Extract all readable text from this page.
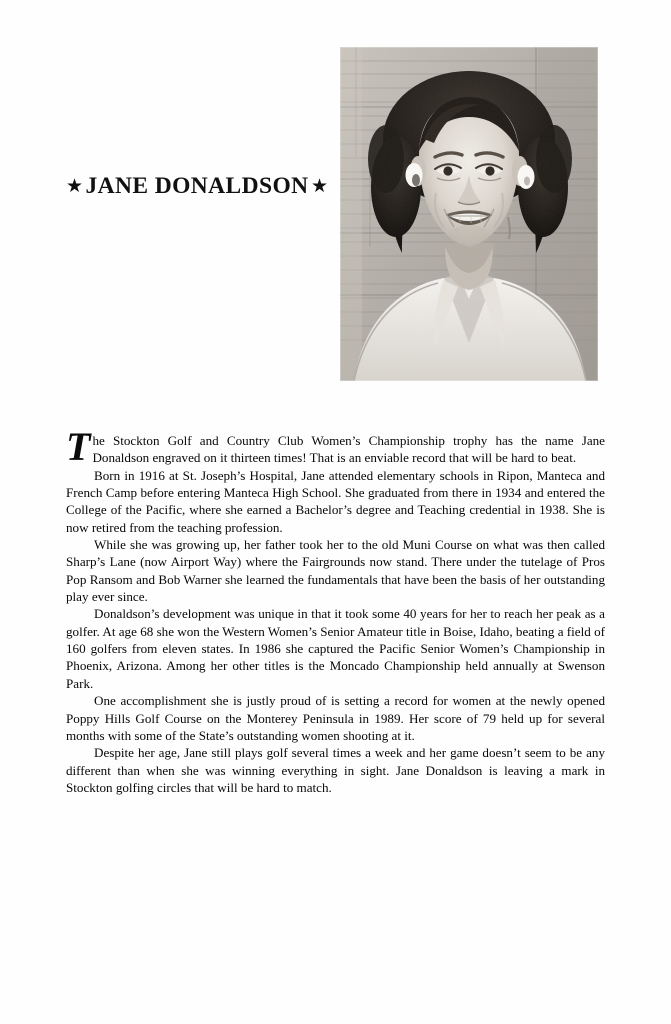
★ JANE DONALDSON ★

The Stockton Golf and Country Club Women’s Championship trophy has the name Jane Donaldson engraved on it thirteen times! That is an enviable record that will be hard to beat.

Born in 1916 at St. Joseph’s Hospital, Jane attended elementary schools in Ripon, Manteca and French Camp before entering Manteca High School. She graduated from there in 1934 and entered the College of the Pacific, where she earned a Bachelor’s degree and Teaching credential in 1938. She is now retired from the teaching profession.

While she was growing up, her father took her to the old Muni Course on what was then called Sharp’s Lane (now Airport Way) where the Fairgrounds now stand. There under the tutelage of Pros Pop Ransom and Bob Warner she learned the fundamentals that have been the basis of her outstanding play ever since.

Donaldson’s development was unique in that it took some 40 years for her to reach her peak as a golfer. At age 68 she won the Western Women’s Senior Amateur title in Boise, Idaho, beating a field of 160 golfers from eleven states. In 1986 she captured the Pacific Senior Women’s Championship in Phoenix, Arizona. Among her other titles is the Moncado Championship held annually at Swenson Park.

One accomplishment she is justly proud of is setting a record for women at the newly opened Poppy Hills Golf Course on the Monterey Peninsula in 1989. Her score of 79 held up for several months with some of the State’s outstanding women shooting at it.

Despite her age, Jane still plays golf several times a week and her game doesn’t seem to be any different than when she was winning everything in sight. Jane Donaldson is leaving a mark in Stockton golfing circles that will be hard to match.
